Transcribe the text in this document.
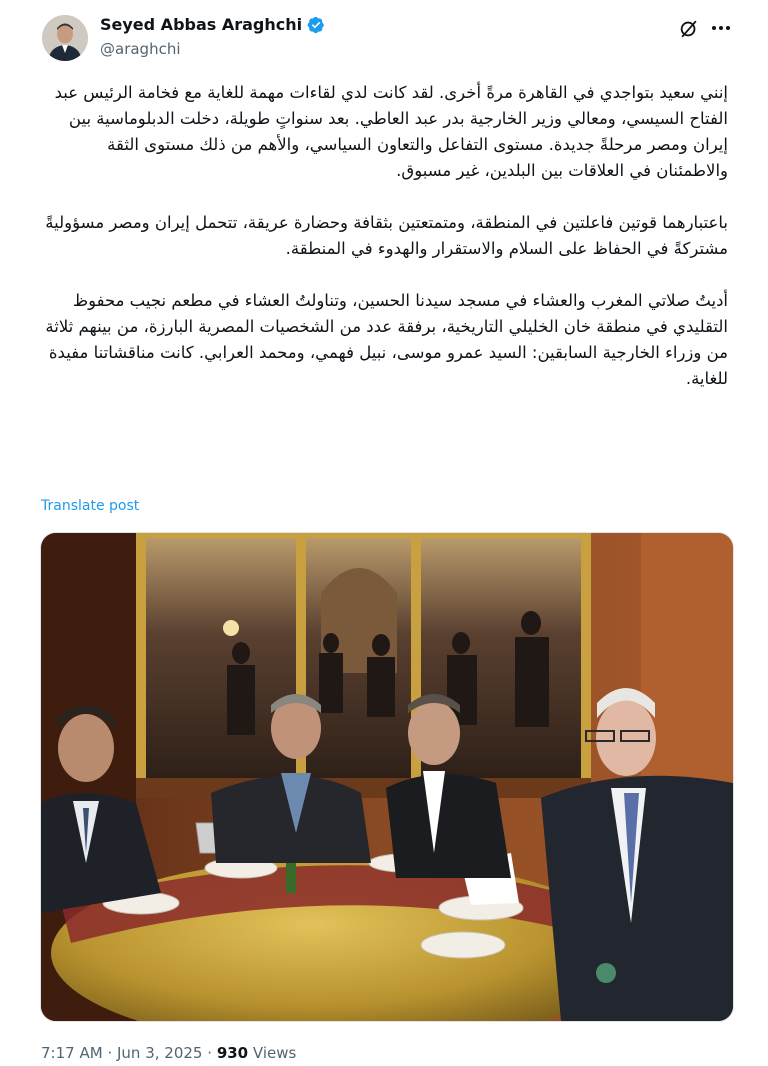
Seyed Abbas Araghchi
@araghchi

إنني سعيد بتواجدي في القاهرة مرةً أخرى. لقد كانت لدي لقاءات مهمة للغاية مع فخامة الرئيس عبد الفتاح السيسي، ومعالي وزير الخارجية بدر عبد العاطي. بعد سنواتٍ طويلة، دخلت الدبلوماسية بين إيران ومصر مرحلةً جديدة. مستوى التفاعل والتعاون السياسي، والأهم من ذلك مستوى الثقة والاطمئنان في العلاقات بين البلدين، غير مسبوق.

باعتبارهما قوتين فاعلتين في المنطقة، ومتمتعتين بثقافة وحضارة عريقة، تتحمل إيران ومصر مسؤوليةً مشتركةً في الحفاظ على السلام والاستقرار والهدوء في المنطقة.

أديتُ صلاتي المغرب والعشاء في مسجد سيدنا الحسين، وتناولتُ العشاء في مطعم نجيب محفوظ التقليدي في منطقة خان الخليلي التاريخية، برفقة عدد من الشخصيات المصرية البارزة، من بينهم ثلاثة من وزراء الخارجية السابقين: السيد عمرو موسى، نبيل فهمي، ومحمد العرابي. كانت مناقشاتنا مفيدة للغاية.

Translate post
7:17 AM · Jun 3, 2025 · 930 Views
